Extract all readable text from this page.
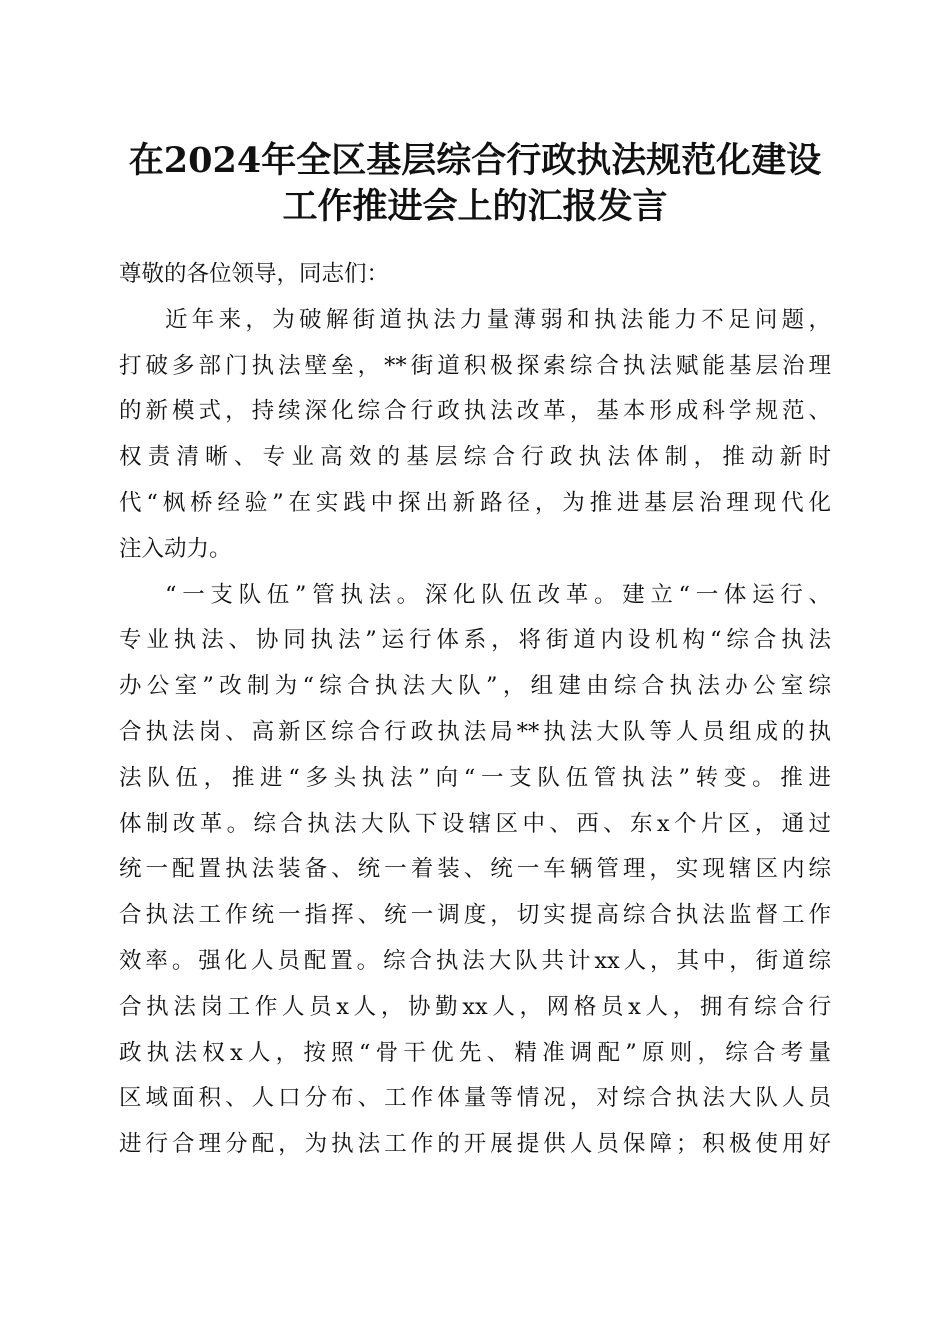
在2024年全区基层综合行政执法规范化建设
工作推进会上的汇报发言
尊敬的各位领导，同志们：
近年来，为破解街道执法力量薄弱和执法能力不足问题，
打破多部门执法壁垒，**街道积极探索综合执法赋能基层治理
的新模式，持续深化综合行政执法改革，基本形成科学规范、
权责清晰、专业高效的基层综合行政执法体制，推动新时
代“枫桥经验”在实践中探出新路径，为推进基层治理现代化
注入动力。
“一支队伍”管执法。深化队伍改革。建立“一体运行、
专业执法、协同执法”运行体系，将街道内设机构“综合执法
办公室”改制为“综合执法大队”，组建由综合执法办公室综
合执法岗、高新区综合行政执法局**执法大队等人员组成的执
法队伍，推进“多头执法”向“一支队伍管执法”转变。推进
体制改革。综合执法大队下设辖区中、西、东x个片区，通过
统一配置执法装备、统一着装、统一车辆管理，实现辖区内综
合执法工作统一指挥、统一调度，切实提高综合执法监督工作
效率。强化人员配置。综合执法大队共计xx人，其中，街道综
合执法岗工作人员x人，协勤xx人，网格员x人，拥有综合行
政执法权x人，按照“骨干优先、精准调配”原则，综合考量
区域面积、人口分布、工作体量等情况，对综合执法大队人员
进行合理分配，为执法工作的开展提供人员保障；积极使用好
